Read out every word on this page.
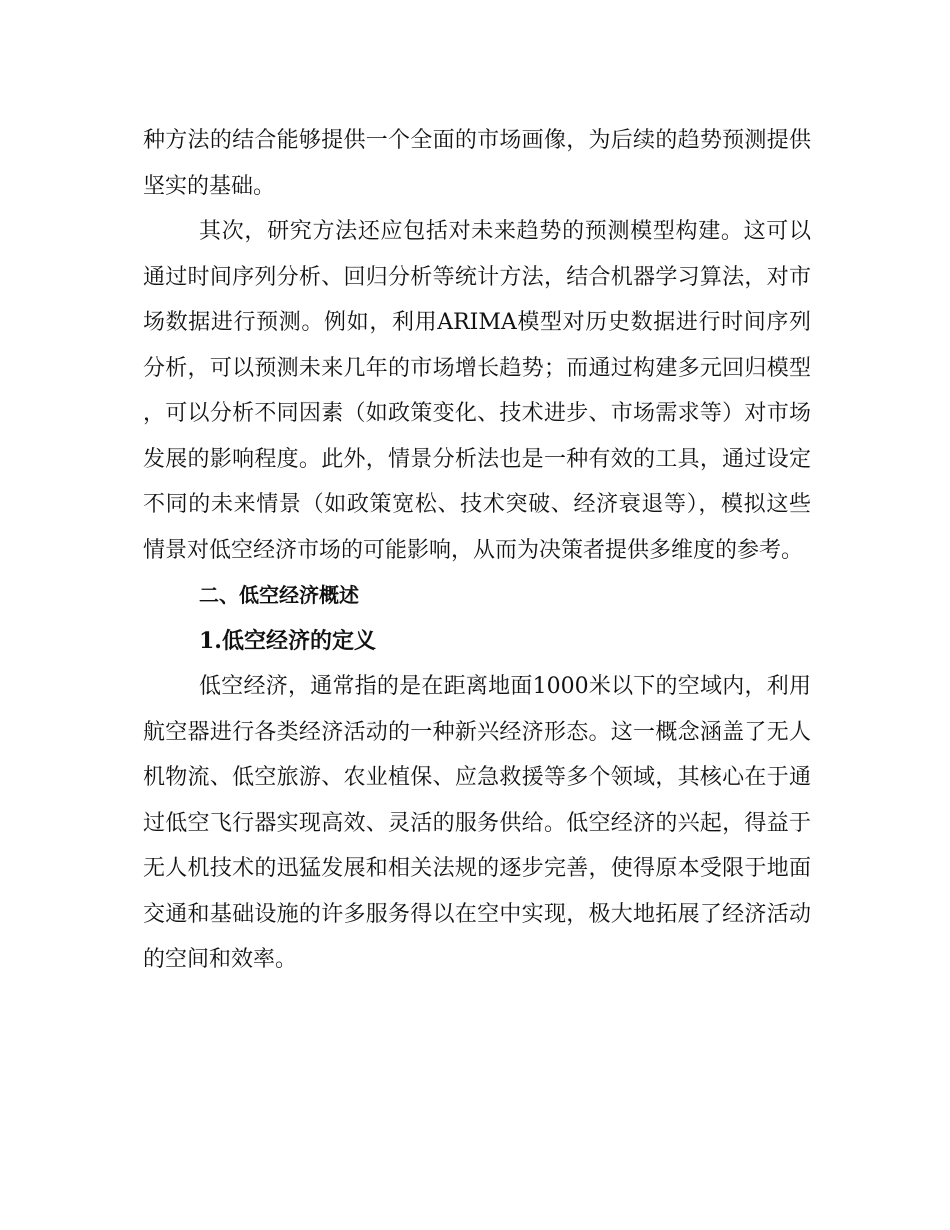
种方法的结合能够提供一个全面的市场画像，为后续的趋势预测提供坚实的基础。

其次，研究方法还应包括对未来趋势的预测模型构建。这可以通过时间序列分析、回归分析等统计方法，结合机器学习算法，对市场数据进行预测。例如，利用ARIMA模型对历史数据进行时间序列分析，可以预测未来几年的市场增长趋势；而通过构建多元回归模型，可以分析不同因素（如政策变化、技术进步、市场需求等）对市场发展的影响程度。此外，情景分析法也是一种有效的工具，通过设定不同的未来情景（如政策宽松、技术突破、经济衰退等），模拟这些情景对低空经济市场的可能影响，从而为决策者提供多维度的参考。

二、低空经济概述
1.低空经济的定义

低空经济，通常指的是在距离地面1000米以下的空域内，利用航空器进行各类经济活动的一种新兴经济形态。这一概念涵盖了无人机物流、低空旅游、农业植保、应急救援等多个领域，其核心在于通过低空飞行器实现高效、灵活的服务供给。低空经济的兴起，得益于无人机技术的迅猛发展和相关法规的逐步完善，使得原本受限于地面交通和基础设施的许多服务得以在空中实现，极大地拓展了经济活动的空间和效率。
